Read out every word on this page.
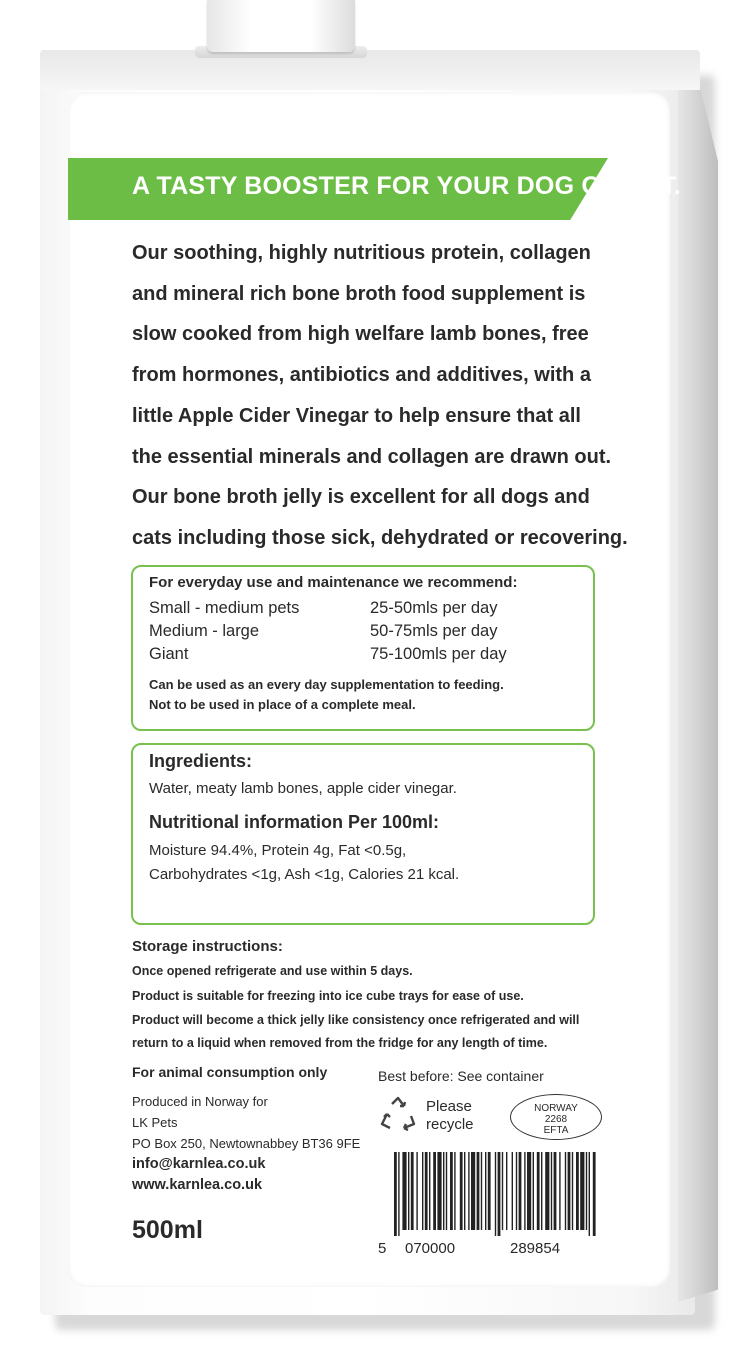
A TASTY BOOSTER FOR YOUR DOG OR CAT.
Our soothing, highly nutritious protein, collagen
and mineral rich bone broth food supplement is
slow cooked from high welfare lamb bones, free
from hormones, antibiotics and additives, with a
little Apple Cider Vinegar to help ensure that all
the essential minerals and collagen are drawn out.
Our bone broth jelly is excellent for all dogs and
cats including those sick, dehydrated or recovering.
For everyday use and maintenance we recommend:
Small - medium pets	25-50mls per day
Medium - large	50-75mls per day
Giant	75-100mls per day
Can be used as an every day supplementation to feeding.
Not to be used in place of a complete meal.
Ingredients:
Water, meaty lamb bones, apple cider vinegar.
Nutritional information Per 100ml:
Moisture 94.4%, Protein 4g, Fat <0.5g,
Carbohydrates <1g, Ash <1g, Calories 21 kcal.
Storage instructions:
Once opened refrigerate and use within 5 days.
Product is suitable for freezing into ice cube trays for ease of use.
Product will become a thick jelly like consistency once refrigerated and will
return to a liquid when removed from the fridge for any length of time.
For animal consumption only	Best before: See container
Produced in Norway for
LK Pets
PO Box 250, Newtownabbey BT36 9FE
info@karnlea.co.uk
www.karnlea.co.uk
500ml
Please
recycle
NORWAY
2268
EFTA
5 070000	289854
